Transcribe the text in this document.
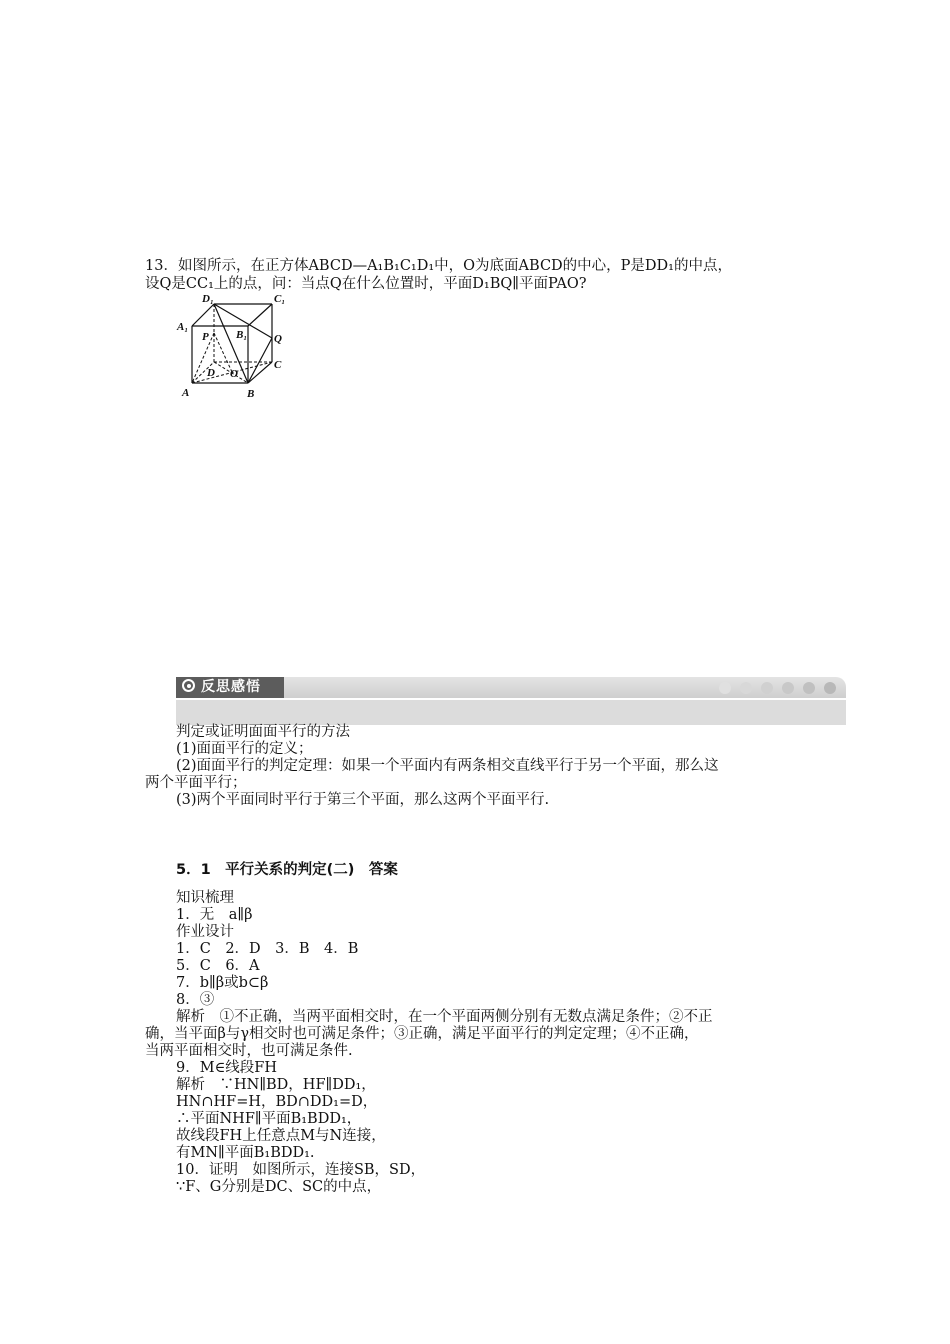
13．如图所示，在正方体ABCD—A₁B₁C₁D₁中，O为底面ABCD的中心，P是DD₁的中点，
设Q是CC₁上的点，问：当点Q在什么位置时，平面D₁BQ∥平面PAO?
D₁	C₁
A₁
B₁
P	Q
C
D O
A	B
反思感悟
判定或证明面面平行的方法
(1)面面平行的定义；
(2)面面平行的判定定理：如果一个平面内有两条相交直线平行于另一个平面，那么这
两个平面平行；
(3)两个平面同时平行于第三个平面，那么这两个平面平行.
5．1　平行关系的判定(二)　答案
知识梳理
1．无　a∥β
作业设计
1．C　2．D　3．B　4．B
5．C　6．A
7．b∥β或b⊂β
8．③
解析　①不正确，当两平面相交时，在一个平面两侧分别有无数点满足条件；②不正
确，当平面β与γ相交时也可满足条件；③正确，满足平面平行的判定定理；④不正确，
当两平面相交时，也可满足条件.
9．M∈线段FH
解析　∵HN∥BD，HF∥DD₁，
HN∩HF=H，BD∩DD₁=D，
∴平面NHF∥平面B₁BDD₁，
故线段FH上任意点M与N连接，
有MN∥平面B₁BDD₁.
10．证明　如图所示，连接SB，SD，
∵F、G分别是DC、SC的中点，
